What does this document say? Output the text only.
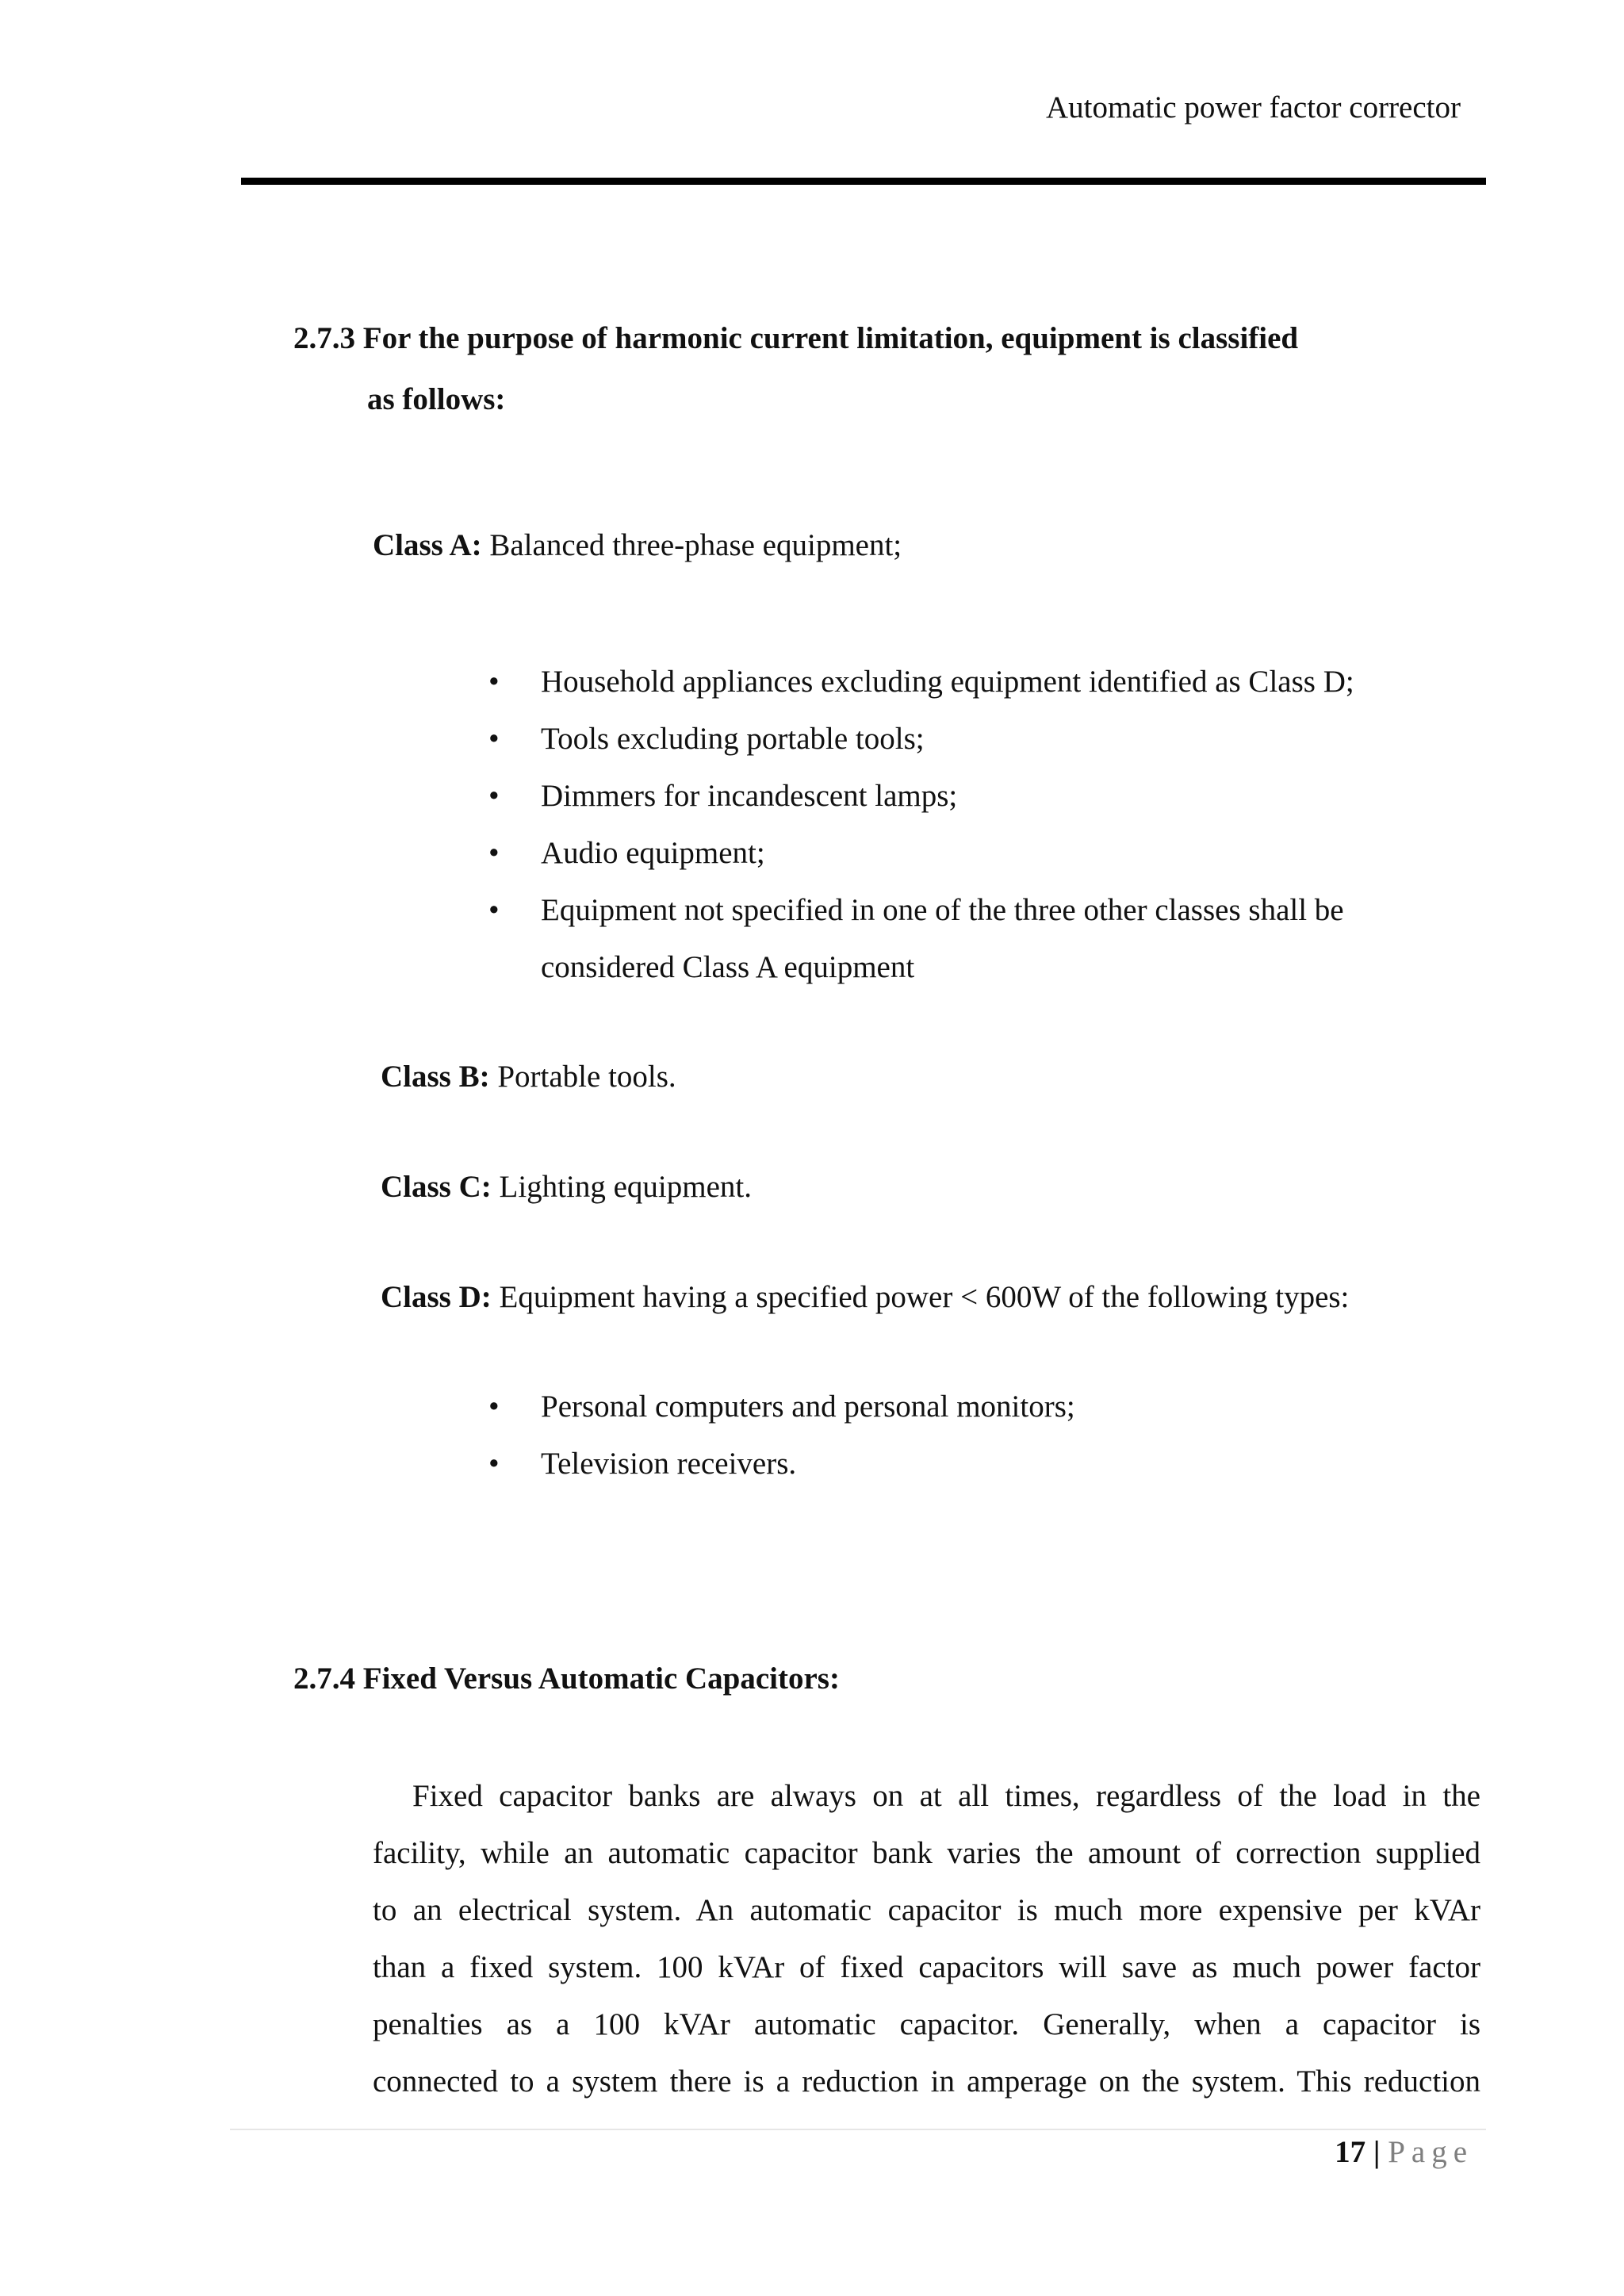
Automatic power factor corrector
2.7.3 For the purpose of harmonic current limitation, equipment is classified
as follows:
Class A: Balanced three-phase equipment;
• Household appliances excluding equipment identified as Class D;
• Tools excluding portable tools;
• Dimmers for incandescent lamps;
• Audio equipment;
• Equipment not specified in one of the three other classes shall be
considered Class A equipment
Class B: Portable tools.
Class C: Lighting equipment.
Class D: Equipment having a specified power < 600W of the following types:
• Personal computers and personal monitors;
• Television receivers.
2.7.4 Fixed Versus Automatic Capacitors:
Fixed capacitor banks are always on at all times, regardless of the load in the
facility, while an automatic capacitor bank varies the amount of correction supplied
to an electrical system. An automatic capacitor is much more expensive per kVAr
than a fixed system. 100 kVAr of fixed capacitors will save as much power factor
penalties as a 100 kVAr automatic capacitor. Generally, when a capacitor is
connected to a system there is a reduction in amperage on the system. This reduction
17 | Page
